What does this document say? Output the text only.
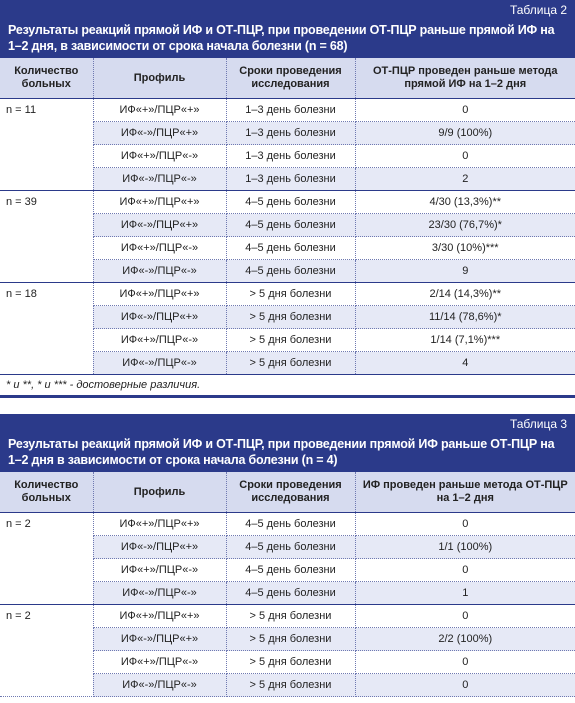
Таблица 2
Результаты реакций прямой ИФ и ОТ-ПЦР, при проведении ОТ-ПЦР раньше прямой ИФ на 1–2 дня, в зависимости от срока начала болезни (n = 68)
Количество больных	Профиль	Сроки проведения исследования	ОТ-ПЦР проведен раньше метода прямой ИФ на 1–2 дня
n = 11	ИФ«+»/ПЦР«+»	1–3 день болезни	0
	ИФ«-»/ПЦР«+»	1–3 день болезни	9/9 (100%)
	ИФ«+»/ПЦР«-»	1–3 день болезни	0
	ИФ«-»/ПЦР«-»	1–3 день болезни	2
n = 39	ИФ«+»/ПЦР«+»	4–5 день болезни	4/30 (13,3%)**
	ИФ«-»/ПЦР«+»	4–5 день болезни	23/30 (76,7%)*
	ИФ«+»/ПЦР«-»	4–5 день болезни	3/30 (10%)***
	ИФ«-»/ПЦР«-»	4–5 день болезни	9
n = 18	ИФ«+»/ПЦР«+»	> 5 дня болезни	2/14 (14,3%)**
	ИФ«-»/ПЦР«+»	> 5 дня болезни	11/14 (78,6%)*
	ИФ«+»/ПЦР«-»	> 5 дня болезни	1/14 (7,1%)***
	ИФ«-»/ПЦР«-»	> 5 дня болезни	4
* и **, * и *** - достоверные различия.
Таблица 3
Результаты реакций прямой ИФ и ОТ-ПЦР, при проведении прямой ИФ раньше ОТ-ПЦР на 1–2 дня в зависимости от срока начала болезни (n = 4)
Количество больных	Профиль	Сроки проведения исследования	ИФ проведен раньше метода ОТ-ПЦР на 1–2 дня
n = 2	ИФ«+»/ПЦР«+»	4–5 день болезни	0
	ИФ«-»/ПЦР«+»	4–5 день болезни	1/1 (100%)
	ИФ«+»/ПЦР«-»	4–5 день болезни	0
	ИФ«-»/ПЦР«-»	4–5 день болезни	1
n = 2	ИФ«+»/ПЦР«+»	> 5 дня болезни	0
	ИФ«-»/ПЦР«+»	> 5 дня болезни	2/2 (100%)
	ИФ«+»/ПЦР«-»	> 5 дня болезни	0
	ИФ«-»/ПЦР«-»	> 5 дня болезни	0
